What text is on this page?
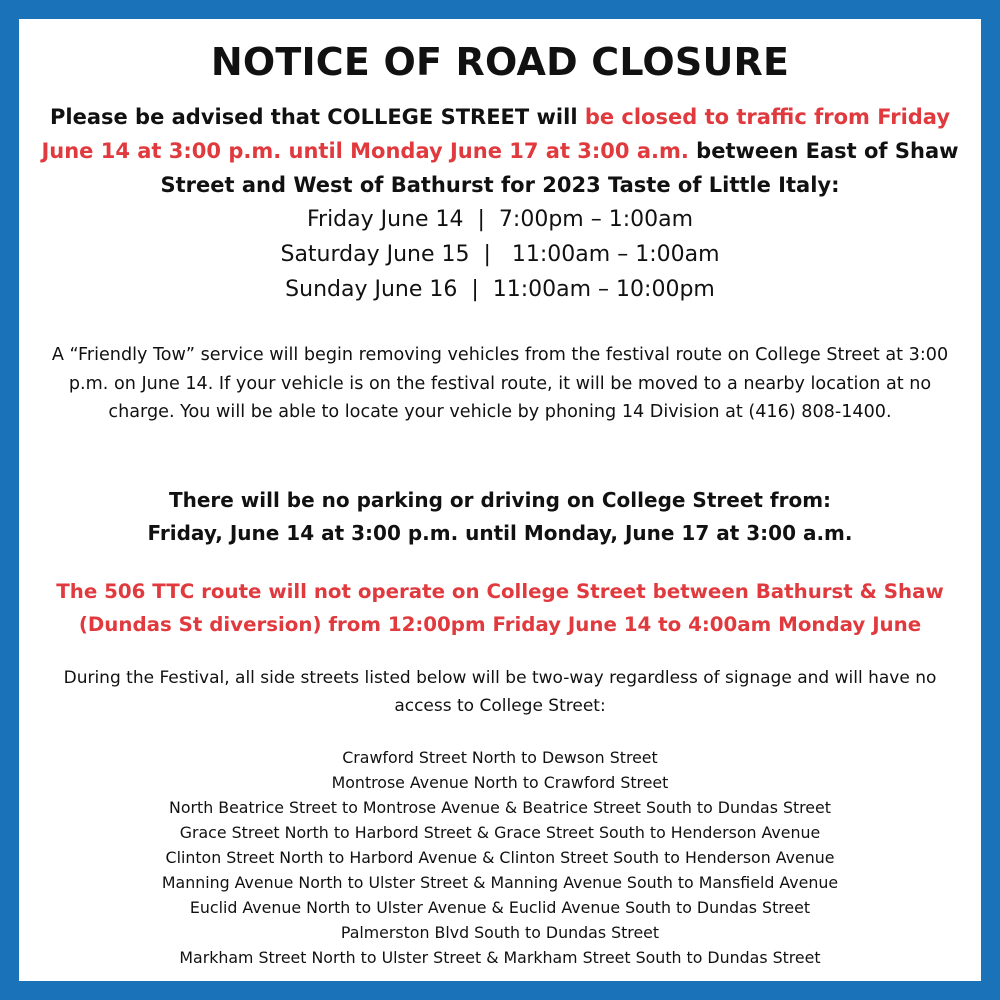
NOTICE OF ROAD CLOSURE

Please be advised that COLLEGE STREET will be closed to traffic from Friday June 14 at 3:00 p.m. until Monday June 17 at 3:00 a.m. between East of Shaw Street and West of Bathurst for 2023 Taste of Little Italy:

Friday June 14  |  7:00pm – 1:00am
Saturday June 15  |   11:00am – 1:00am
Sunday June 16  |  11:00am – 10:00pm

A “Friendly Tow” service will begin removing vehicles from the festival route on College Street at 3:00 p.m. on June 14. If your vehicle is on the festival route, it will be moved to a nearby location at no charge. You will be able to locate your vehicle by phoning 14 Division at (416) 808-1400.

There will be no parking or driving on College Street from:
Friday, June 14 at 3:00 p.m. until Monday, June 17 at 3:00 a.m.

The 506 TTC route will not operate on College Street between Bathurst & Shaw (Dundas St diversion) from 12:00pm Friday June 14 to 4:00am Monday June

During the Festival, all side streets listed below will be two-way regardless of signage and will have no access to College Street:

Crawford Street North to Dewson Street
Montrose Avenue North to Crawford Street
North Beatrice Street to Montrose Avenue & Beatrice Street South to Dundas Street
Grace Street North to Harbord Street & Grace Street South to Henderson Avenue
Clinton Street North to Harbord Avenue & Clinton Street South to Henderson Avenue
Manning Avenue North to Ulster Street & Manning Avenue South to Mansfield Avenue
Euclid Avenue North to Ulster Avenue & Euclid Avenue South to Dundas Street
Palmerston Blvd South to Dundas Street
Markham Street North to Ulster Street & Markham Street South to Dundas Street
